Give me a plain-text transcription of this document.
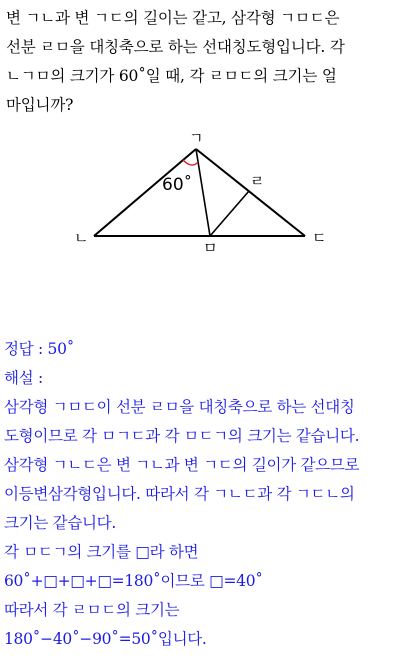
변 ㄱㄴ과 변 ㄱㄷ의 길이는 같고, 삼각형 ㄱㅁㄷ은

선분 ㄹㅁ을 대칭축으로 하는 선대칭도형입니다. 각

ㄴㄱㅁ의 크기가 60˚일 때, 각 ㄹㅁㄷ의 크기는 얼

마입니까?

ㄱ
ㄴ	ㄷ
ㄹ
ㅁ
60˚

정답 : 50˚

해설 :

삼각형 ㄱㅁㄷ이 선분 ㄹㅁ을 대칭축으로 하는 선대칭

도형이므로 각 ㅁㄱㄷ과 각 ㅁㄷㄱ의 크기는 같습니다.

삼각형 ㄱㄴㄷ은 변 ㄱㄴ과 변 ㄱㄷ의 길이가 같으므로

이등변삼각형입니다. 따라서 각 ㄱㄴㄷ과 각 ㄱㄷㄴ의

크기는 같습니다.

각 ㅁㄷㄱ의 크기를 □라 하면

60˚+□+□+□=180˚이므로 □=40˚

따라서 각 ㄹㅁㄷ의 크기는

180˚−40˚−90˚=50˚입니다.
